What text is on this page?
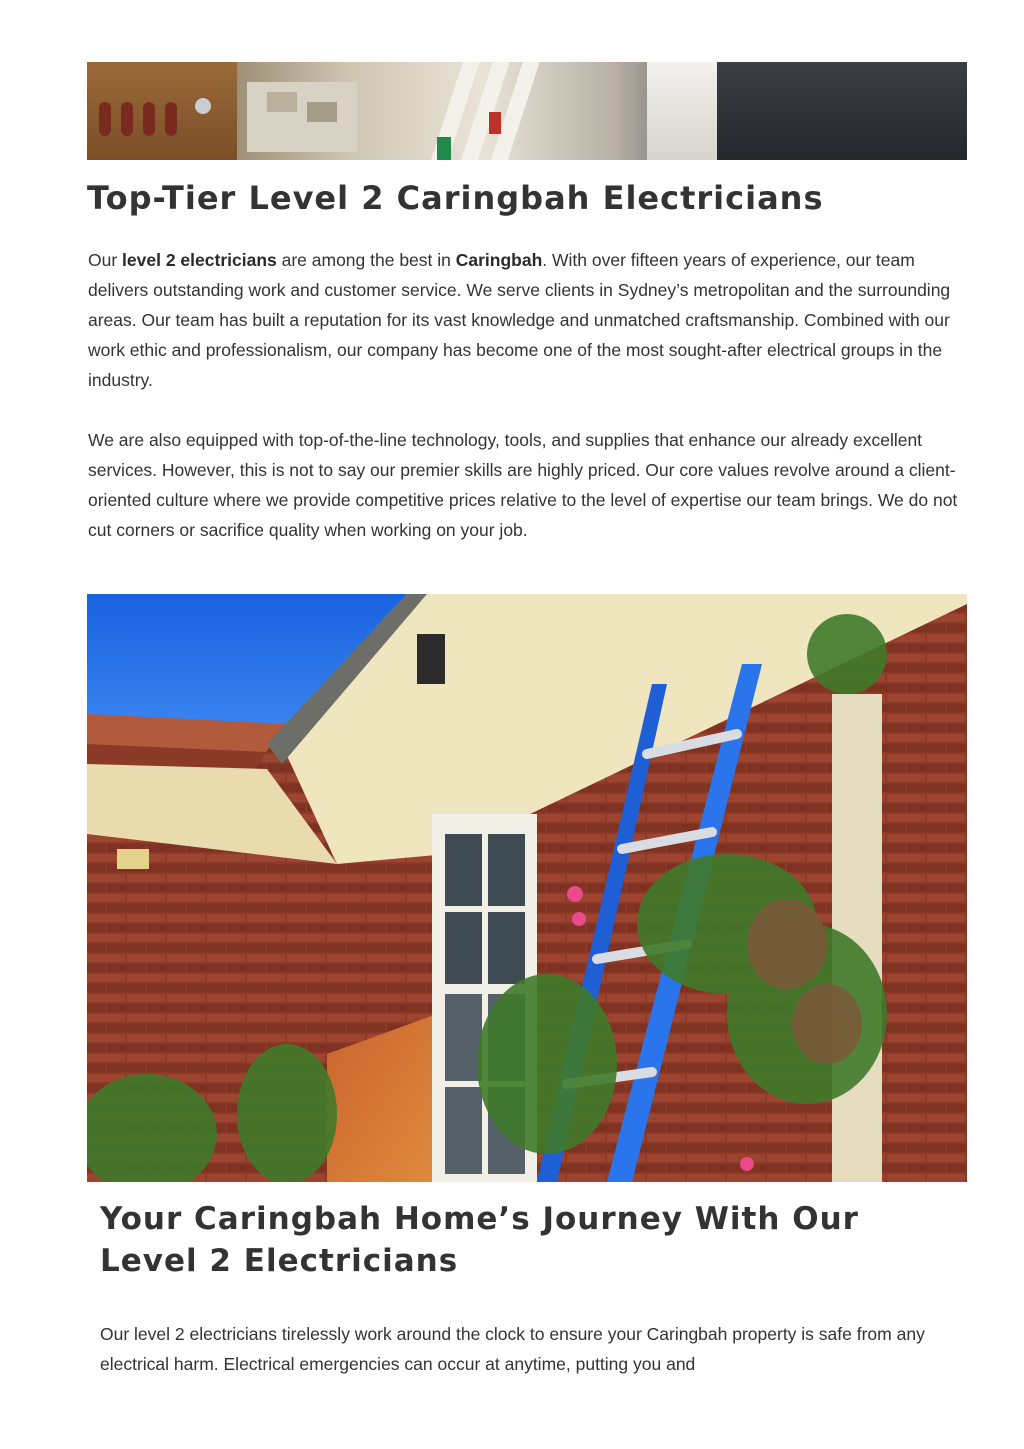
Top-Tier Level 2 Caringbah Electricians

Our level 2 electricians are among the best in Caringbah. With over fifteen years of experience, our team delivers outstanding work and customer service. We serve clients in Sydney’s metropolitan and the surrounding areas. Our team has built a reputation for its vast knowledge and unmatched craftsmanship. Combined with our work ethic and professionalism, our company has become one of the most sought-after electrical groups in the industry.

We are also equipped with top-of-the-line technology, tools, and supplies that enhance our already excellent services. However, this is not to say our premier skills are highly priced. Our core values revolve around a client-oriented culture where we provide competitive prices relative to the level of expertise our team brings. We do not cut corners or sacrifice quality when working on your job.

Your Caringbah Home’s Journey With Our Level 2 Electricians

Our level 2 electricians tirelessly work around the clock to ensure your Caringbah property is safe from any electrical harm. Electrical emergencies can occur at anytime, putting you and
